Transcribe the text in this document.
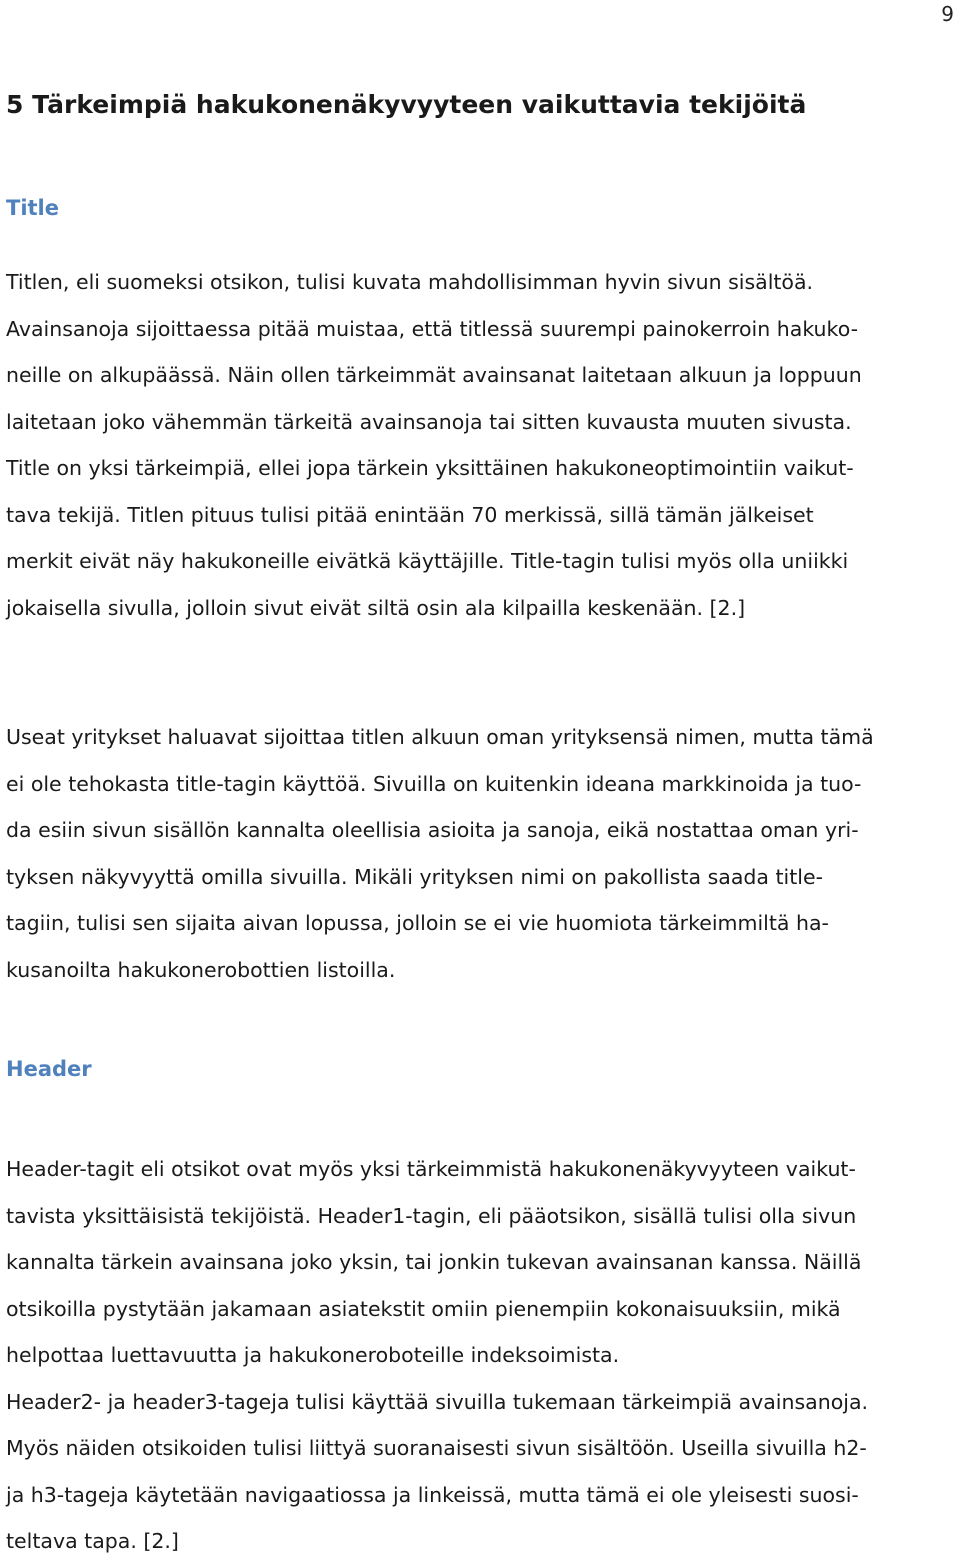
9
5 Tärkeimpiä hakukonenäkyvyyteen vaikuttavia tekijöitä
Title

Titlen, eli suomeksi otsikon, tulisi kuvata mahdollisimman hyvin sivun sisältöä.
Avainsanoja sijoittaessa pitää muistaa, että titlessä suurempi painokerroin hakuko-
neille on alkupäässä. Näin ollen tärkeimmät avainsanat laitetaan alkuun ja loppuun
laitetaan joko vähemmän tärkeitä avainsanoja tai sitten kuvausta muuten sivusta.
Title on yksi tärkeimpiä, ellei jopa tärkein yksittäinen hakukoneoptimointiin vaikut-
tava tekijä. Titlen pituus tulisi pitää enintään 70 merkissä, sillä tämän jälkeiset
merkit eivät näy hakukoneille eivätkä käyttäjille. Title-tagin tulisi myös olla uniikki
jokaisella sivulla, jolloin sivut eivät siltä osin ala kilpailla keskenään. [2.]

Useat yritykset haluavat sijoittaa titlen alkuun oman yrityksensä nimen, mutta tämä
ei ole tehokasta title-tagin käyttöä. Sivuilla on kuitenkin ideana markkinoida ja tuo-
da esiin sivun sisällön kannalta oleellisia asioita ja sanoja, eikä nostattaa oman yri-
tyksen näkyvyyttä omilla sivuilla. Mikäli yrityksen nimi on pakollista saada title-
tagiin, tulisi sen sijaita aivan lopussa, jolloin se ei vie huomiota tärkeimmiltä ha-
kusanoilta hakukonerobottien listoilla.

Header

Header-tagit eli otsikot ovat myös yksi tärkeimmistä hakukonenäkyvyyteen vaikut-
tavista yksittäisistä tekijöistä. Header1-tagin, eli pääotsikon, sisällä tulisi olla sivun
kannalta tärkein avainsana joko yksin, tai jonkin tukevan avainsanan kanssa. Näillä
otsikoilla pystytään jakamaan asiatekstit omiin pienempiin kokonaisuuksiin, mikä
helpottaa luettavuutta ja hakukoneroboteille indeksoimista.
Header2- ja header3-tageja tulisi käyttää sivuilla tukemaan tärkeimpiä avainsanoja.
Myös näiden otsikoiden tulisi liittyä suoranaisesti sivun sisältöön. Useilla sivuilla h2-
ja h3-tageja käytetään navigaatiossa ja linkeissä, mutta tämä ei ole yleisesti suosi-
teltava tapa. [2.]
